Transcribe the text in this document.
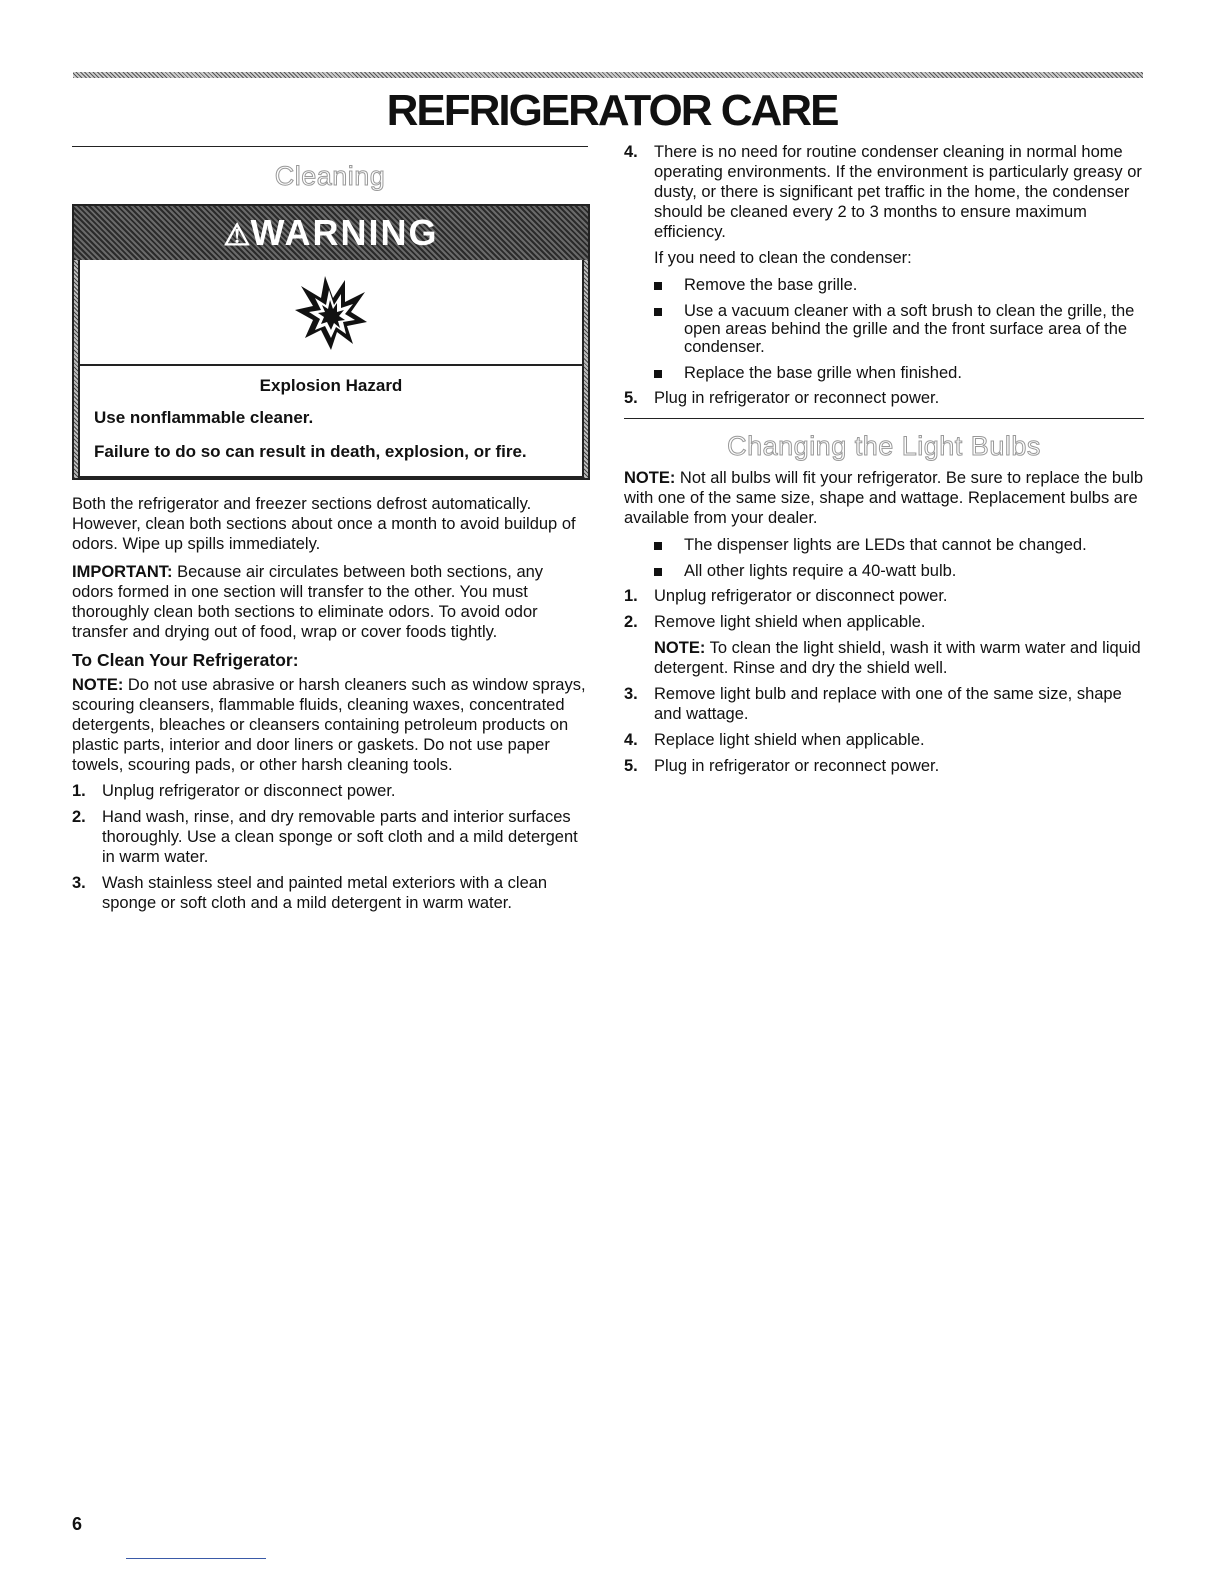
REFRIGERATOR CARE
Cleaning
⚠WARNING

Explosion Hazard

Use nonflammable cleaner.

Failure to do so can result in death, explosion, or fire.

Both the refrigerator and freezer sections defrost automatically. However, clean both sections about once a month to avoid buildup of odors. Wipe up spills immediately.

IMPORTANT: Because air circulates between both sections, any odors formed in one section will transfer to the other. You must thoroughly clean both sections to eliminate odors. To avoid odor transfer and drying out of food, wrap or cover foods tightly.

To Clean Your Refrigerator:

NOTE: Do not use abrasive or harsh cleaners such as window sprays, scouring cleansers, flammable fluids, cleaning waxes, concentrated detergents, bleaches or cleansers containing petroleum products on plastic parts, interior and door liners or gaskets. Do not use paper towels, scouring pads, or other harsh cleaning tools.

1. Unplug refrigerator or disconnect power.
2. Hand wash, rinse, and dry removable parts and interior surfaces thoroughly. Use a clean sponge or soft cloth and a mild detergent in warm water.
3. Wash stainless steel and painted metal exteriors with a clean sponge or soft cloth and a mild detergent in warm water.
4. There is no need for routine condenser cleaning in normal home operating environments. If the environment is particularly greasy or dusty, or there is significant pet traffic in the home, the condenser should be cleaned every 2 to 3 months to ensure maximum efficiency.

If you need to clean the condenser:

Remove the base grille.
Use a vacuum cleaner with a soft brush to clean the grille, the open areas behind the grille and the front surface area of the condenser.
Replace the base grille when finished.
5. Plug in refrigerator or reconnect power.
Changing the Light Bulbs

NOTE: Not all bulbs will fit your refrigerator. Be sure to replace the bulb with one of the same size, shape and wattage. Replacement bulbs are available from your dealer.

The dispenser lights are LEDs that cannot be changed.
All other lights require a 40-watt bulb.
1. Unplug refrigerator or disconnect power.
2. Remove light shield when applicable.

NOTE: To clean the light shield, wash it with warm water and liquid detergent. Rinse and dry the shield well.

3. Remove light bulb and replace with one of the same size, shape and wattage.
4. Replace light shield when applicable.
5. Plug in refrigerator or reconnect power.
6
